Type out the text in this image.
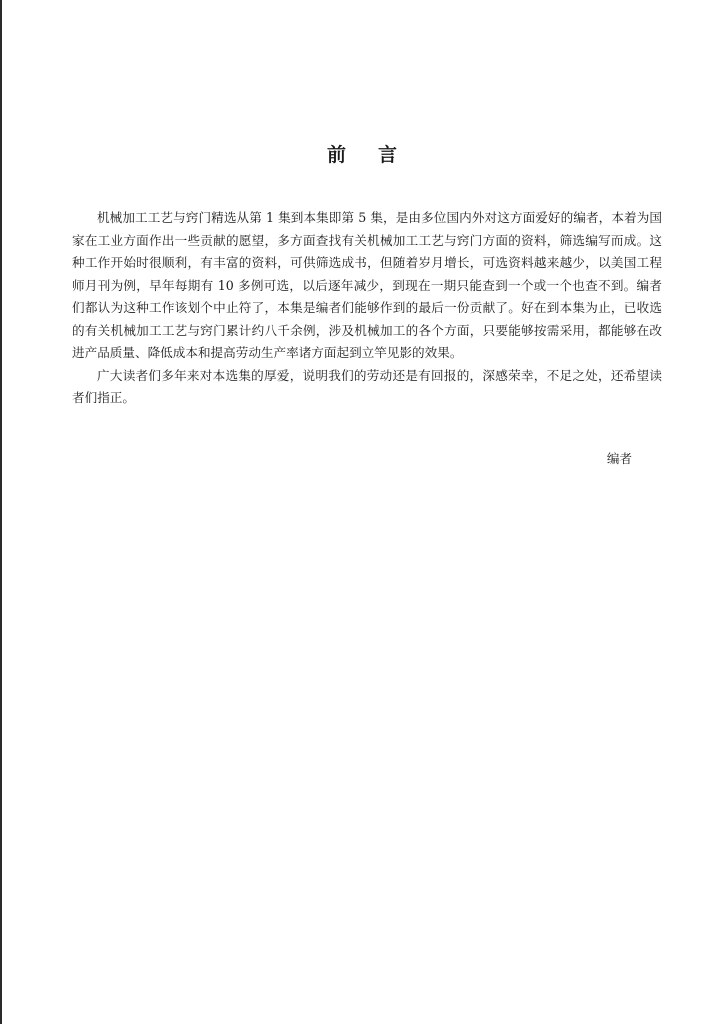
前言

机械加工工艺与窍门精选从第 1 集到本集即第 5 集，是由多位国内外对这方面爱好的编者，本着为国家在工业方面作出一些贡献的愿望，多方面查找有关机械加工工艺与窍门方面的资料，筛选编写而成。这种工作开始时很顺利，有丰富的资料，可供筛选成书，但随着岁月增长，可选资料越来越少，以美国工程师月刊为例，早年每期有 10 多例可选，以后逐年减少，到现在一期只能查到一个或一个也查不到。编者们都认为这种工作该划个中止符了，本集是编者们能够作到的最后一份贡献了。好在到本集为止，已收选的有关机械加工工艺与窍门累计约八千余例，涉及机械加工的各个方面，只要能够按需采用，都能够在改进产品质量、降低成本和提高劳动生产率诸方面起到立竿见影的效果。

广大读者们多年来对本选集的厚爱，说明我们的劳动还是有回报的，深感荣幸，不足之处，还希望读者们指正。

编者
